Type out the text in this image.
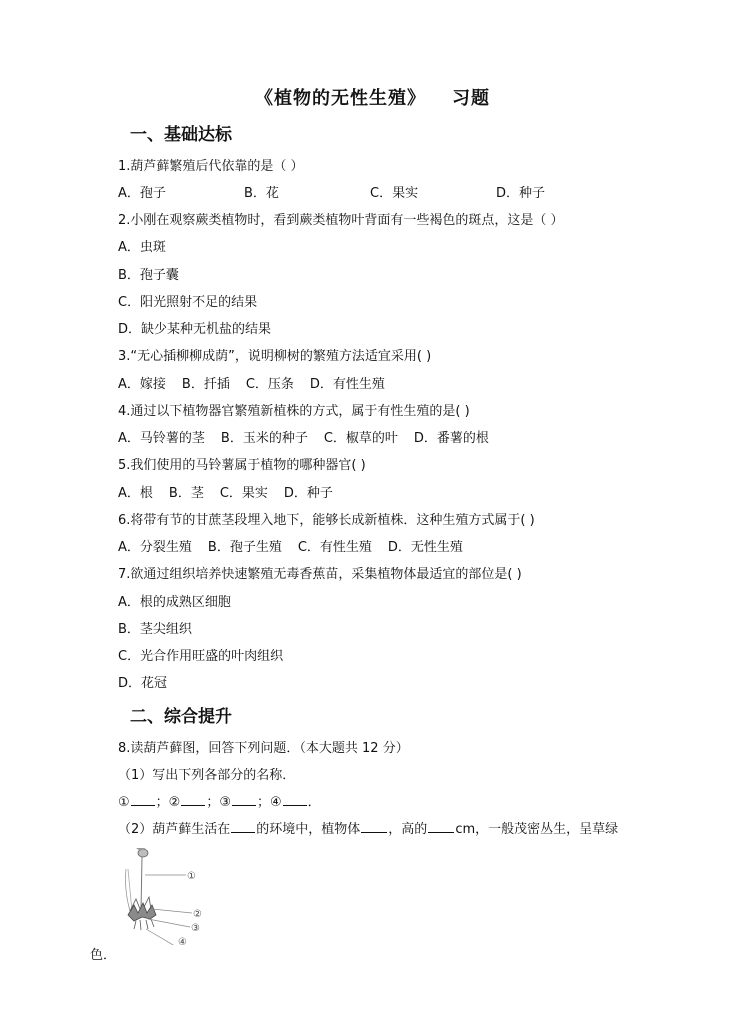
《植物的无性生殖》 习题
一、基础达标
1.葫芦藓繁殖后代依靠的是（ ）
A．孢子	B．花	C．果实	D．种子
2.小刚在观察蕨类植物时，看到蕨类植物叶背面有一些褐色的斑点，这是（ ）
A．虫斑
B．孢子囊
C．阳光照射不足的结果
D．缺少某种无机盐的结果
3.“无心插柳柳成荫”，说明柳树的繁殖方法适宜采用( )
A．嫁接 B．扦插 C．压条 D．有性生殖
4.通过以下植物器官繁殖新植株的方式，属于有性生殖的是( )
A．马铃薯的茎 B．玉米的种子 C．椒草的叶 D．番薯的根
5.我们使用的马铃薯属于植物的哪种器官( )
A．根 B．茎 C．果实 D．种子
6.将带有节的甘蔗茎段埋入地下，能够长成新植株．这种生殖方式属于( )
A．分裂生殖 B．孢子生殖 C．有性生殖 D．无性生殖
7.欲通过组织培养快速繁殖无毒香蕉苗，采集植物体最适宜的部位是( )
A．根的成熟区细胞
B．茎尖组织
C．光合作用旺盛的叶肉组织
D．花冠
二、综合提升
8.读葫芦藓图，回答下列问题．（本大题共 12 分）
（1）写出下列各部分的名称．
① ；② ；③ ；④ ．
（2）葫芦藓生活在 的环境中，植物体 ，高的 cm，一般茂密丛生，呈草绿
①
②
③
④
色．
